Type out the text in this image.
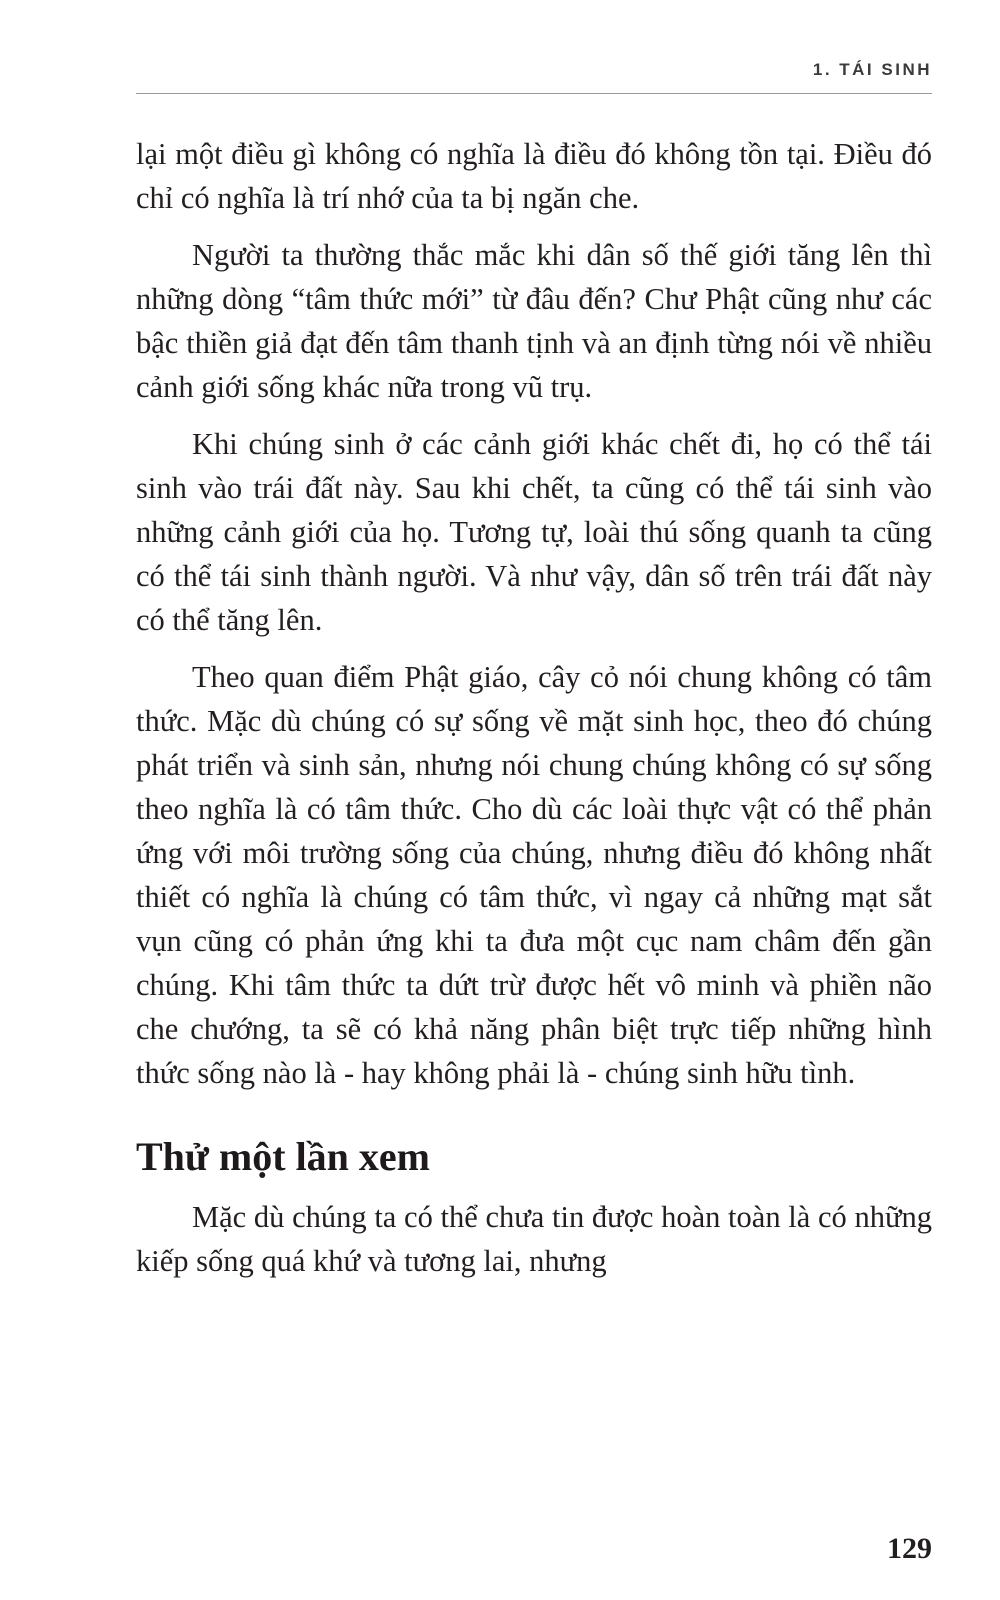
1. TÁI SINH

lại một điều gì không có nghĩa là điều đó không tồn tại. Điều đó chỉ có nghĩa là trí nhớ của ta bị ngăn che.

Người ta thường thắc mắc khi dân số thế giới tăng lên thì những dòng “tâm thức mới” từ đâu đến? Chư Phật cũng như các bậc thiền giả đạt đến tâm thanh tịnh và an định từng nói về nhiều cảnh giới sống khác nữa trong vũ trụ.

Khi chúng sinh ở các cảnh giới khác chết đi, họ có thể tái sinh vào trái đất này. Sau khi chết, ta cũng có thể tái sinh vào những cảnh giới của họ. Tương tự, loài thú sống quanh ta cũng có thể tái sinh thành người. Và như vậy, dân số trên trái đất này có thể tăng lên.

Theo quan điểm Phật giáo, cây cỏ nói chung không có tâm thức. Mặc dù chúng có sự sống về mặt sinh học, theo đó chúng phát triển và sinh sản, nhưng nói chung chúng không có sự sống theo nghĩa là có tâm thức. Cho dù các loài thực vật có thể phản ứng với môi trường sống của chúng, nhưng điều đó không nhất thiết có nghĩa là chúng có tâm thức, vì ngay cả những mạt sắt vụn cũng có phản ứng khi ta đưa một cục nam châm đến gần chúng. Khi tâm thức ta dứt trừ được hết vô minh và phiền não che chướng, ta sẽ có khả năng phân biệt trực tiếp những hình thức sống nào là - hay không phải là - chúng sinh hữu tình.

Thử một lần xem

Mặc dù chúng ta có thể chưa tin được hoàn toàn là có những kiếp sống quá khứ và tương lai, nhưng

129
